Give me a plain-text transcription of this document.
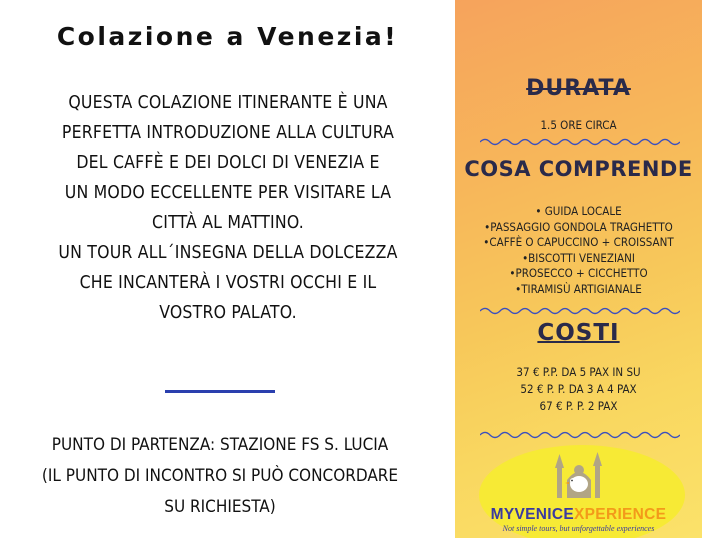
Colazione a Venezia!
QUESTA COLAZIONE ITINERANTE È UNA
PERFETTA INTRODUZIONE ALLA CULTURA
DEL CAFFÈ E DEI DOLCI DI VENEZIA E
UN MODO ECCELLENTE PER VISITARE LA
CITTÀ AL MATTINO.
UN TOUR ALL´INSEGNA DELLA DOLCEZZA
CHE INCANTERÀ I VOSTRI OCCHI E IL
VOSTRO PALATO.
PUNTO DI PARTENZA: STAZIONE FS S. LUCIA
(IL PUNTO DI INCONTRO SI PUÒ CONCORDARE
SU RICHIESTA)
DURATA
1.5 ORE CIRCA
COSA COMPRENDE
• GUIDA LOCALE
•PASSAGGIO GONDOLA TRAGHETTO
•CAFFÈ O CAPUCCINO + CROISSANT
•BISCOTTI VENEZIANI
•PROSECCO + CICCHETTO
•TIRAMISÙ ARTIGIANALE
COSTI
37 € P.P. DA 5 PAX IN SU
52 € P. P. DA 3 A 4 PAX
67 € P. P. 2 PAX
MYVENICEXPERIENCE
Not simple tours, but unforgettable experiences
